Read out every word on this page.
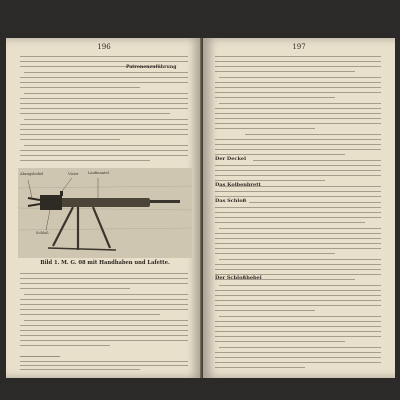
196
Patronenzuführung
Abzugshebel	Laufmantel
Schloß
Visier
Bild 1. M. G. 08 mit Handhaben und Lafette.
197
Der Deckel
Das Kolbenbrett
Das Schloß
Der Schloßhebel
